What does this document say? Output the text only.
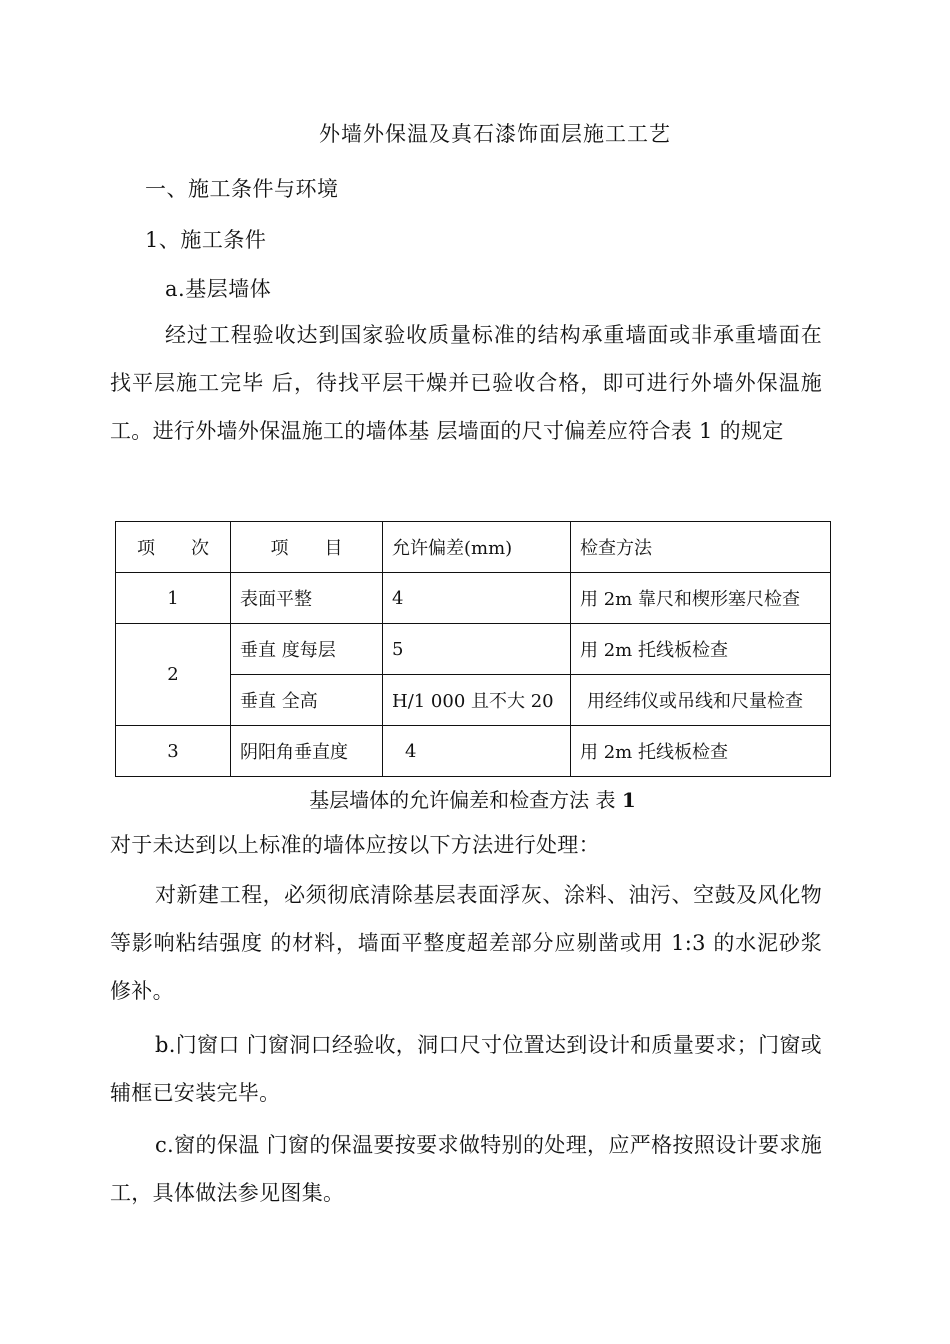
外墙外保温及真石漆饰面层施工工艺
一、施工条件与环境
1、施工条件
a.基层墙体
经过工程验收达到国家验收质量标准的结构承重墙面或非承重墙面在找平层施工完毕 后，待找平层干燥并已验收合格，即可进行外墙外保温施工。进行外墙外保温施工的墙体基 层墙面的尺寸偏差应符合表 1 的规定
项　　次	项　　目	允许偏差(mm)	检查方法
1	表面平整	4	用 2m 靠尺和楔形塞尺检查
2	垂直 度每层	5	用 2m 托线板检查
	垂直 全高	H/1 000 且不大 20	用经纬仪或吊线和尺量检查
3	阴阳角垂直度	4	用 2m 托线板检查
基层墙体的允许偏差和检查方法 表 1
对于未达到以上标准的墙体应按以下方法进行处理：
对新建工程，必须彻底清除基层表面浮灰、涂料、油污、空鼓及风化物等影响粘结强度 的材料，墙面平整度超差部分应剔凿或用 1:3 的水泥砂浆修补。
b.门窗口 门窗洞口经验收，洞口尺寸位置达到设计和质量要求；门窗或辅框已安装完毕。
c.窗的保温 门窗的保温要按要求做特别的处理，应严格按照设计要求施工，具体做法参见图集。
